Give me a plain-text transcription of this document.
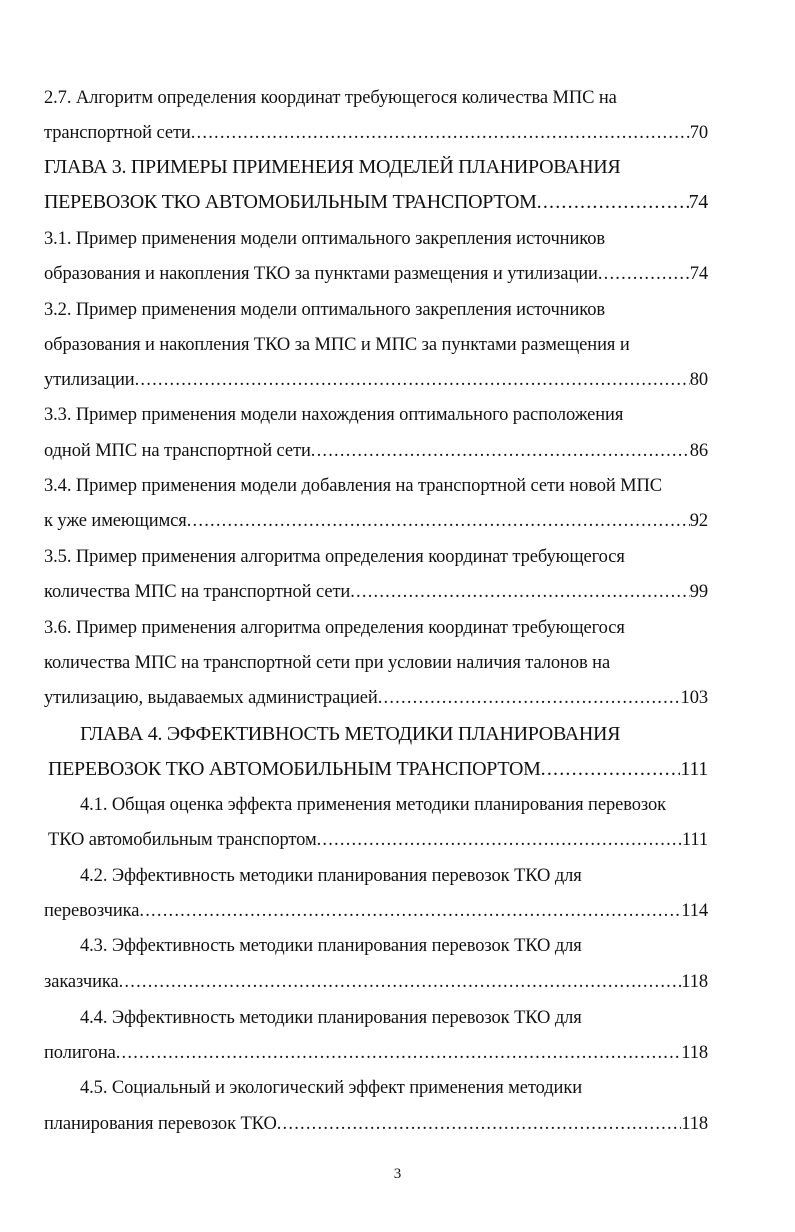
2.7. Алгоритм определения координат требующегося количества МПС на
транспортной сети .....	70
ГЛАВА 3. ПРИМЕРЫ ПРИМЕНЕИЯ МОДЕЛЕЙ ПЛАНИРОВАНИЯ
ПЕРЕВОЗОК ТКО АВТОМОБИЛЬНЫМ ТРАНСПОРТОМ .....	74
3.1. Пример применения модели оптимального закрепления источников
образования и накопления ТКО за пунктами размещения и утилизации .....	74
3.2. Пример применения модели оптимального закрепления источников
образования и накопления ТКО за МПС и МПС за пунктами размещения и
утилизации .....	80
3.3. Пример применения модели нахождения оптимального расположения
одной МПС на транспортной сети .....	86
3.4. Пример применения модели добавления на транспортной сети новой МПС
к уже имеющимся .....	92
3.5. Пример применения алгоритма определения координат требующегося
количества МПС на транспортной сети .....	99
3.6. Пример применения алгоритма определения координат требующегося
количества МПС на транспортной сети при условии наличия талонов на
утилизацию, выдаваемых администрацией .....	103
ГЛАВА 4. ЭФФЕКТИВНОСТЬ МЕТОДИКИ ПЛАНИРОВАНИЯ
ПЕРЕВОЗОК ТКО АВТОМОБИЛЬНЫМ ТРАНСПОРТОМ .....	111
4.1. Общая оценка эффекта применения методики планирования перевозок
ТКО автомобильным транспортом .....	111
4.2. Эффективность методики планирования перевозок ТКО для
перевозчика .....	114
4.3. Эффективность методики планирования перевозок ТКО для
заказчика .....	118
4.4. Эффективность методики планирования перевозок ТКО для
полигона .....	118
4.5. Социальный и экологический эффект применения методики
планирования перевозок ТКО .....	118
3
